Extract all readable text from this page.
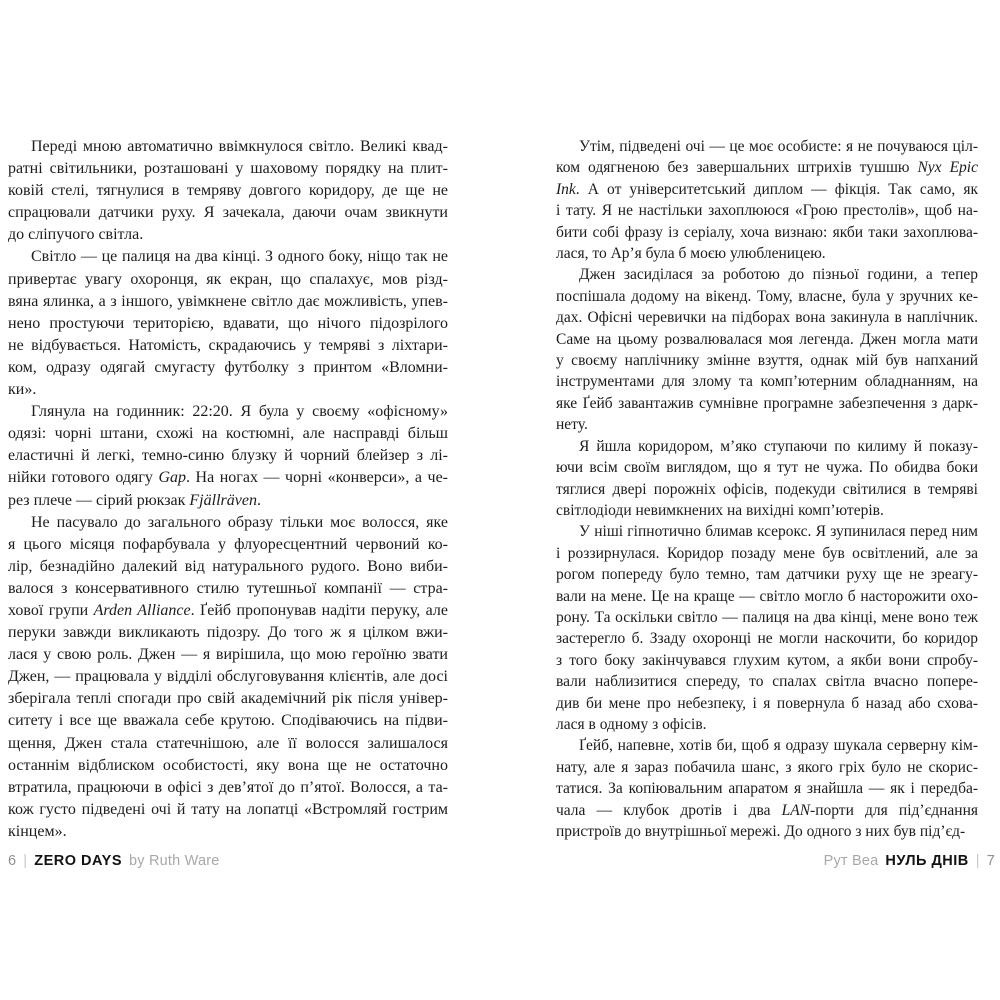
Переді мною автоматично ввімкнулося світло. Великі квад-
ратні світильники, розташовані у шаховому порядку на плит-
ковій стелі, тягнулися в темряву довгого коридору, де ще не
спрацювали датчики руху. Я зачекала, даючи очам звикнути
до сліпучого світла.
Світло — це палиця на два кінці. З одного боку, ніщо так не
привертає увагу охоронця, як екран, що спалахує, мов різд-
вяна ялинка, а з іншого, увімкнене світло дає можливість, упев-
нено простуючи територією, вдавати, що нічого підозрілого
не відбувається. Натомість, скрадаючись у темряві з ліхтари-
ком, одразу одягай смугасту футболку з принтом «Вломни-
ки».
Глянула на годинник: 22:20. Я була у своєму «офісному»
одязі: чорні штани, схожі на костюмні, але насправді більш
еластичні й легкі, темно-синю блузку й чорний блейзер з лі-
нійки готового одягу Gap. На ногах — чорні «конверси», а че-
рез плече — сірий рюкзак Fjällräven.
Не пасувало до загального образу тільки моє волосся, яке
я цього місяця пофарбувала у флуоресцентний червоний ко-
лір, безнадійно далекий від натурального рудого. Воно виби-
валося з консервативного стилю тутешньої компанії — стра-
хової групи Arden Alliance. Ґейб пропонував надіти перуку, але
перуки завжди викликають підозру. До того ж я цілком вжи-
лася у свою роль. Джен — я вирішила, що мою героїню звати
Джен, — працювала у відділі обслуговування клієнтів, але досі
зберігала теплі спогади про свій академічний рік після універ-
ситету і все ще вважала себе крутою. Сподіваючись на підви-
щення, Джен стала статечнішою, але її волосся залишалося
останнім відблиском особистості, яку вона ще не остаточно
втратила, працюючи в офісі з дев’ятої до п’ятої. Волосся, а та-
кож густо підведені очі й тату на лопатці «Встромляй гострим
кінцем».
Утім, підведені очі — це моє особисте: я не почуваюся ціл-
ком одягненою без завершальних штрихів тушшю Nyx Epic
Ink. А от університетський диплом — фікція. Так само, як
і тату. Я не настільки захоплююся «Грою престолів», щоб на-
бити собі фразу із серіалу, хоча визнаю: якби таки захоплюва-
лася, то Ар’я була б моєю улюбленицею.
Джен засиділася за роботою до пізньої години, а тепер
поспішала додому на вікенд. Тому, власне, була у зручних ке-
дах. Офісні черевички на підборах вона закинула в наплічник.
Саме на цьому розвалювалася моя легенда. Джен могла мати
у своєму наплічнику змінне взуття, однак мій був напханий
інструментами для злому та комп’ютерним обладнанням, на
яке Ґейб завантажив сумнівне програмне забезпечення з дарк-
нету.
Я йшла коридором, м’яко ступаючи по килиму й показу-
ючи всім своїм виглядом, що я тут не чужа. По обидва боки
тяглися двері порожніх офісів, подекуди світилися в темряві
світлодіоди невимкнених на вихідні комп’ютерів.
У ніші гіпнотично блимав ксерокс. Я зупинилася перед ним
і роззирнулася. Коридор позаду мене був освітлений, але за
рогом попереду було темно, там датчики руху ще не зреагу-
вали на мене. Це на краще — світло могло б насторожити охо-
рону. Та оскільки світло — палиця на два кінці, мене воно теж
застерегло б. Ззаду охоронці не могли наскочити, бо коридор
з того боку закінчувався глухим кутом, а якби вони спробу-
вали наблизитися спереду, то спалах світла вчасно попере-
див би мене про небезпеку, і я повернула б назад або схова-
лася в одному з офісів.
Ґейб, напевне, хотів би, щоб я одразу шукала серверну кім-
нату, але я зараз побачила шанс, з якого гріх було не скорис-
татися. За копіювальним апаратом я знайшла — як і передба-
чала — клубок дротів і два LAN-порти для під’єднання
пристроїв до внутрішньої мережі. До одного з них був під’єд-
6 | ZERO DAYS by Ruth Ware	Рут Веа НУЛЬ ДНІВ | 7
